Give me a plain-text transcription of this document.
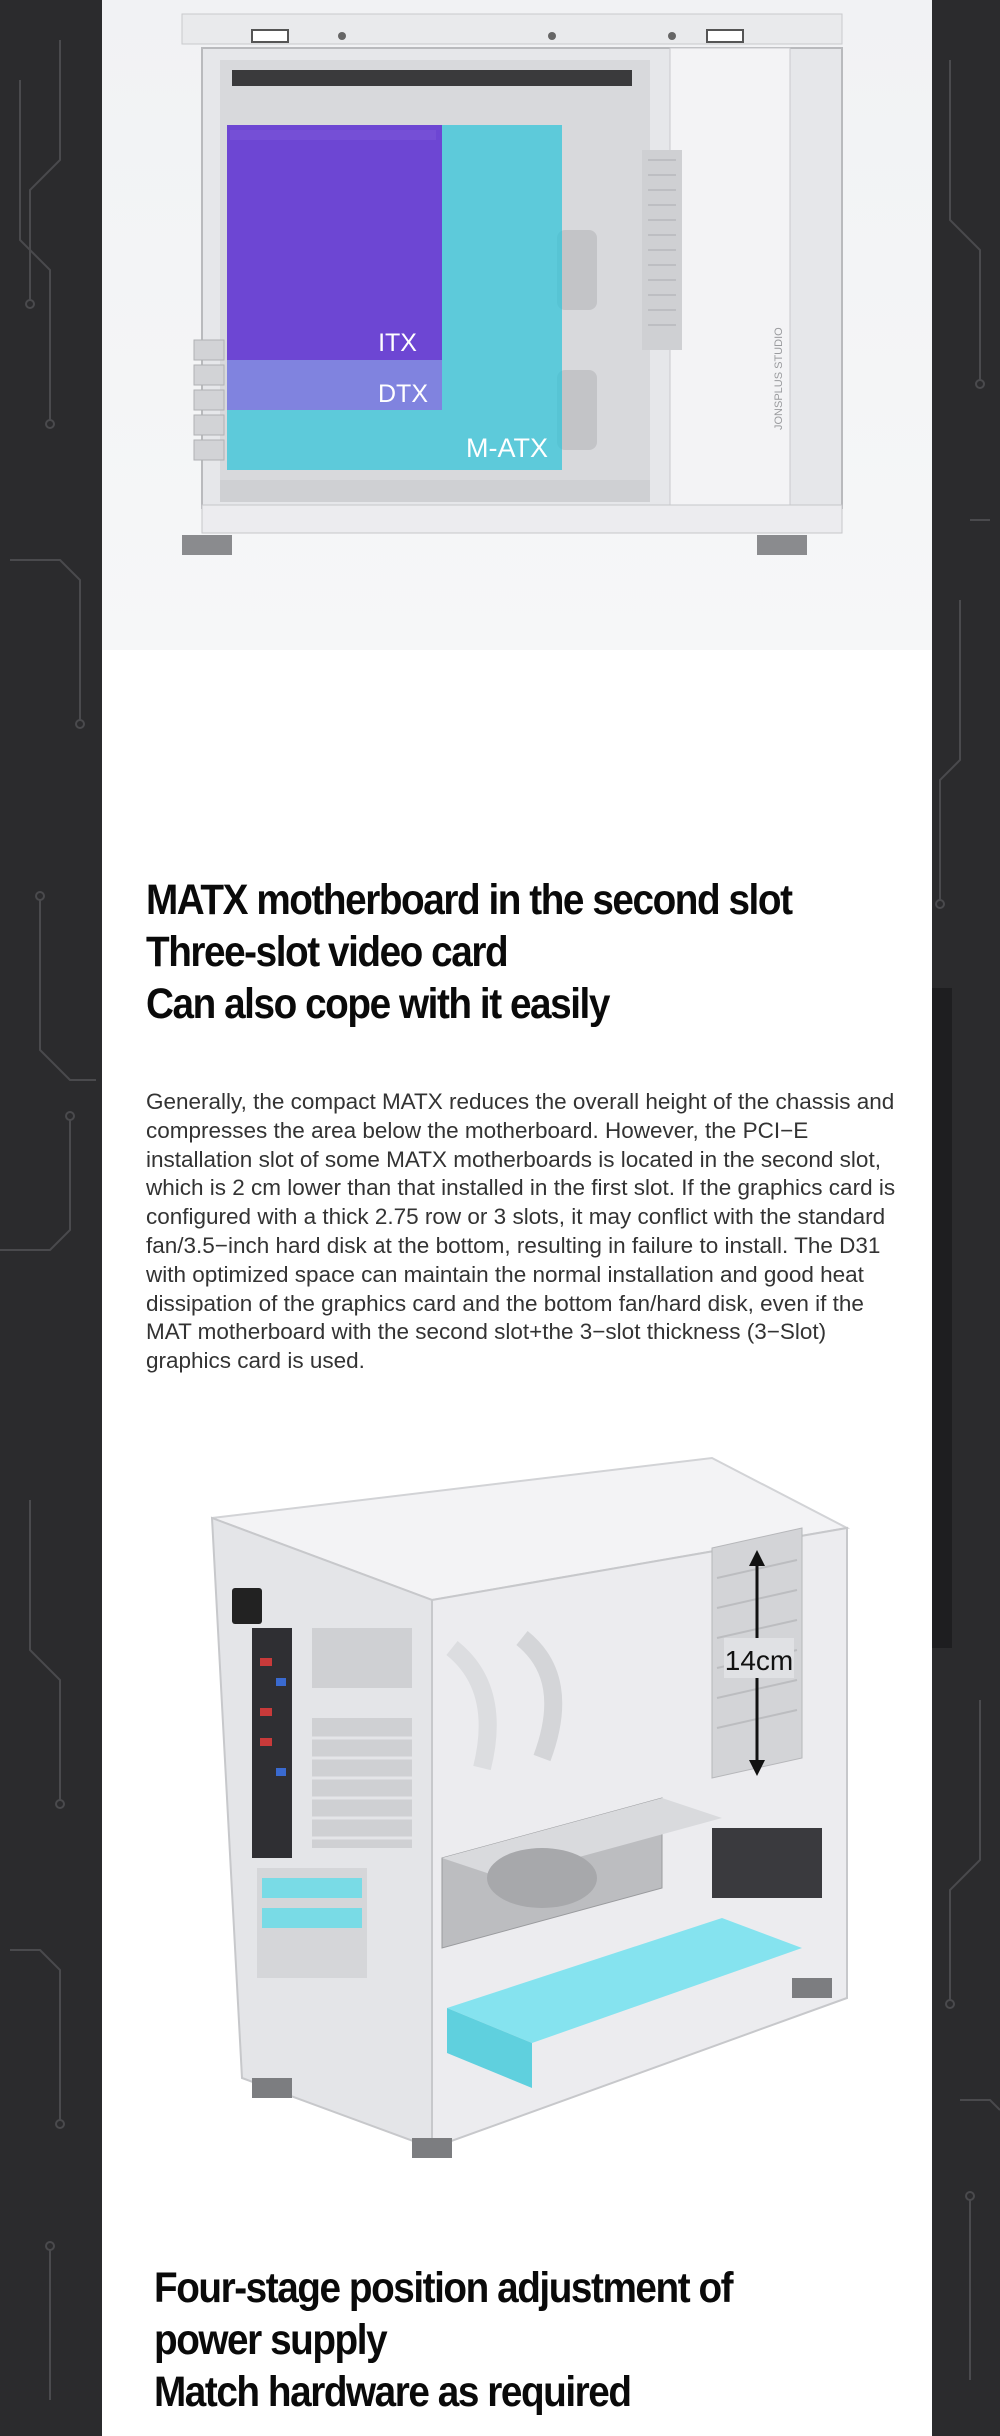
ITX
DTX
M-ATX
JONSPLUS STUDIO
MATX motherboard in the second slot
Three-slot video card
Can also cope with it easily

Generally, the compact MATX reduces the overall height of the chassis and compresses the area below the motherboard. However, the PCI−E installation slot of some MATX motherboards is located in the second slot, which is 2 cm lower than that installed in the first slot. If the graphics card is configured with a thick 2.75 row or 3 slots, it may conflict with the standard fan/3.5−inch hard disk at the bottom, resulting in failure to install. The D31 with optimized space can maintain the normal installation and good heat dissipation of the graphics card and the bottom fan/hard disk, even if the MAT motherboard with the second slot+the 3−slot thickness (3−Slot) graphics card is used.

14cm
Four-stage position adjustment of
power supply
Match hardware as required
